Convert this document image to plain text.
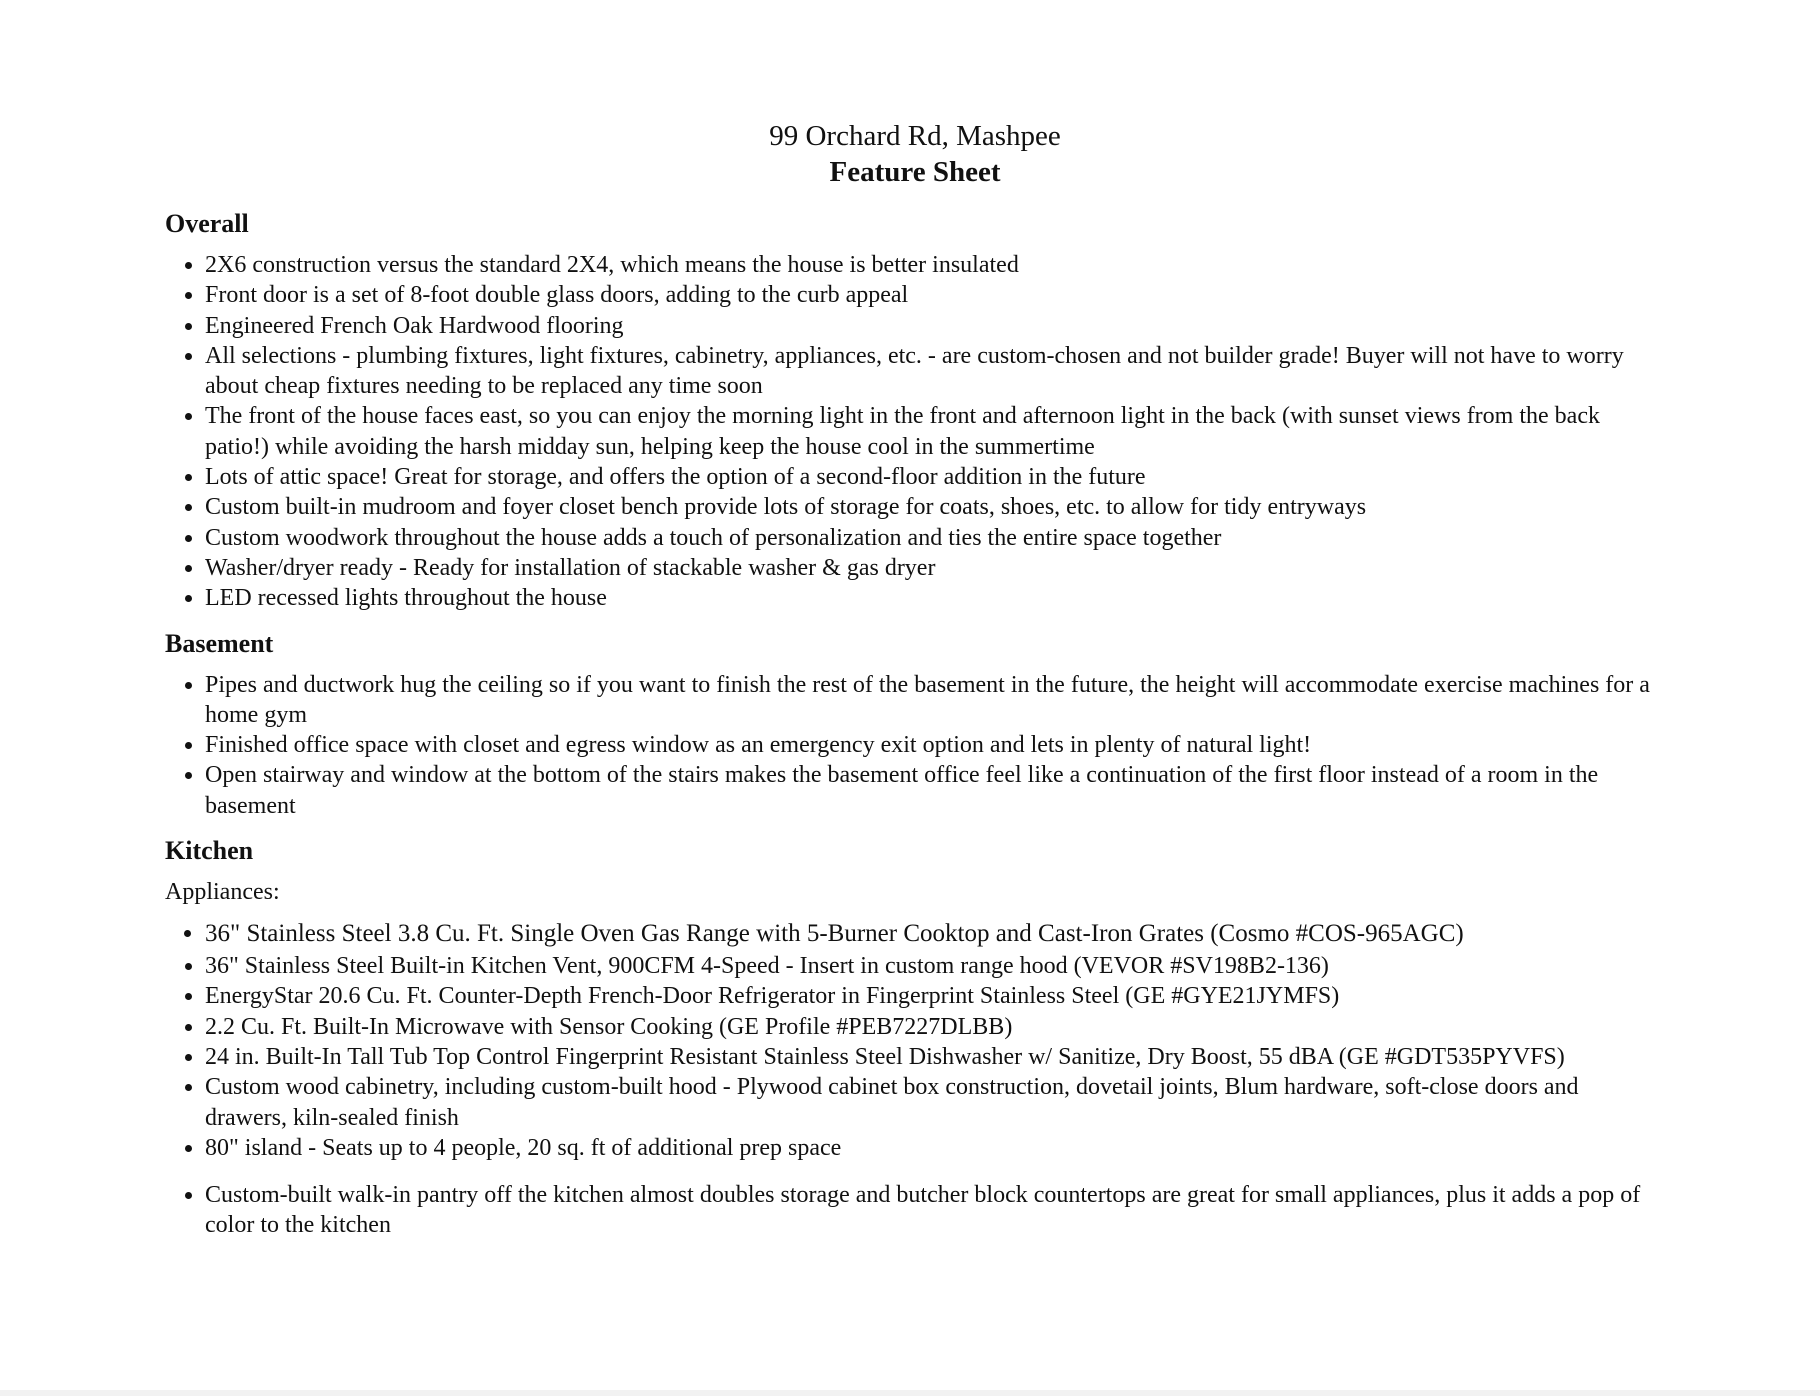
99 Orchard Rd, Mashpee
Feature Sheet
Overall
• 2X6 construction versus the standard 2X4, which means the house is better insulated
• Front door is a set of 8-foot double glass doors, adding to the curb appeal
• Engineered French Oak Hardwood flooring
• All selections - plumbing fixtures, light fixtures, cabinetry, appliances, etc. - are custom-chosen and not builder grade! Buyer will not have to worry about cheap fixtures needing to be replaced any time soon
• The front of the house faces east, so you can enjoy the morning light in the front and afternoon light in the back (with sunset views from the back patio!) while avoiding the harsh midday sun, helping keep the house cool in the summertime
• Lots of attic space! Great for storage, and offers the option of a second-floor addition in the future
• Custom built-in mudroom and foyer closet bench provide lots of storage for coats, shoes, etc. to allow for tidy entryways
• Custom woodwork throughout the house adds a touch of personalization and ties the entire space together
• Washer/dryer ready - Ready for installation of stackable washer & gas dryer
• LED recessed lights throughout the house
Basement
• Pipes and ductwork hug the ceiling so if you want to finish the rest of the basement in the future, the height will accommodate exercise machines for a home gym
• Finished office space with closet and egress window as an emergency exit option and lets in plenty of natural light!
• Open stairway and window at the bottom of the stairs makes the basement office feel like a continuation of the first floor instead of a room in the basement
Kitchen

Appliances:

• 36" Stainless Steel 3.8 Cu. Ft. Single Oven Gas Range with 5-Burner Cooktop and Cast-Iron Grates (Cosmo #COS-965AGC)
• 36" Stainless Steel Built-in Kitchen Vent, 900CFM 4-Speed - Insert in custom range hood (VEVOR #SV198B2-136)
• EnergyStar 20.6 Cu. Ft. Counter-Depth French-Door Refrigerator in Fingerprint Stainless Steel (GE #GYE21JYMFS)
• 2.2 Cu. Ft. Built-In Microwave with Sensor Cooking (GE Profile #PEB7227DLBB)
• 24 in. Built-In Tall Tub Top Control Fingerprint Resistant Stainless Steel Dishwasher w/ Sanitize, Dry Boost, 55 dBA (GE #GDT535PYVFS)
• Custom wood cabinetry, including custom-built hood - Plywood cabinet box construction, dovetail joints, Blum hardware, soft-close doors and drawers, kiln-sealed finish
• 80" island - Seats up to 4 people, 20 sq. ft of additional prep space
• Custom-built walk-in pantry off the kitchen almost doubles storage and butcher block countertops are great for small appliances, plus it adds a pop of color to the kitchen
